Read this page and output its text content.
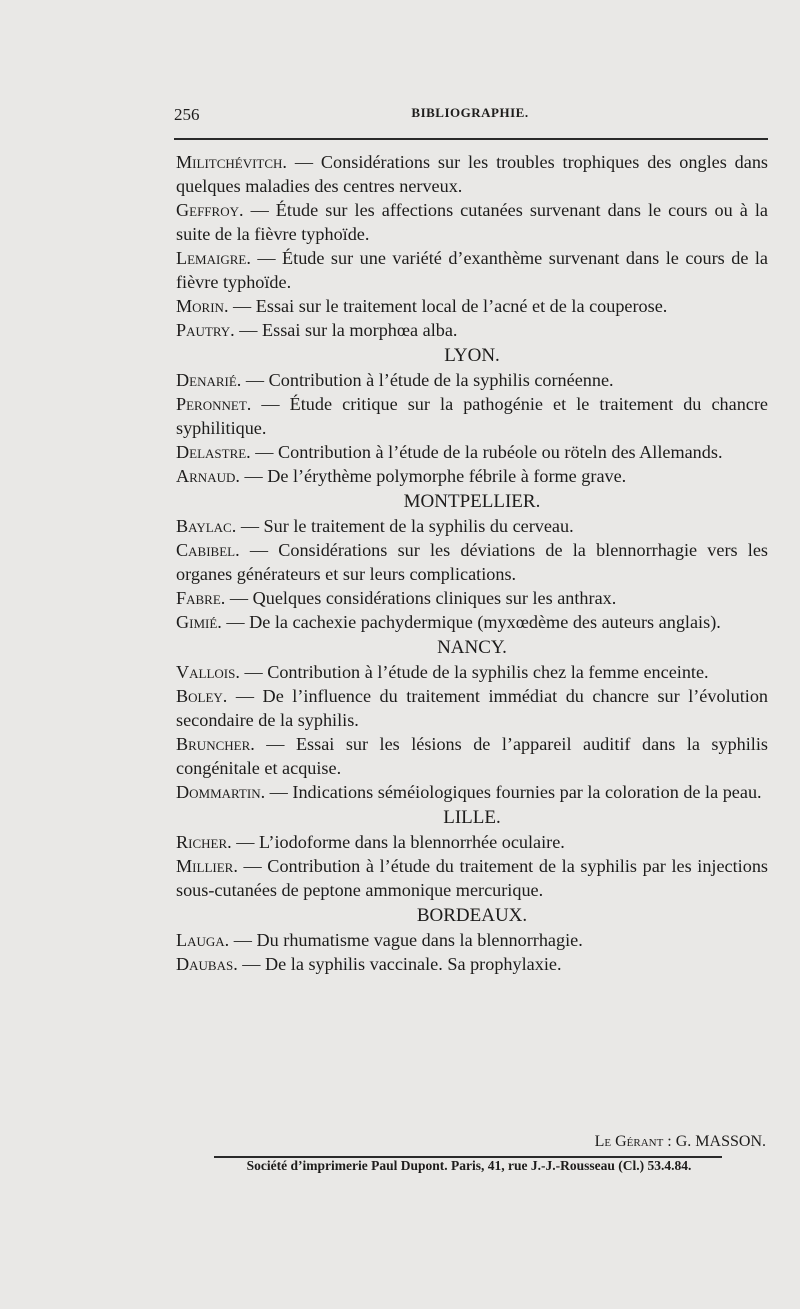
256	BIBLIOGRAPHIE.

Militchévitch. — Considérations sur les troubles trophiques des ongles dans quelques maladies des centres nerveux.

Geffroy. — Étude sur les affections cutanées survenant dans le cours ou à la suite de la fièvre typhoïde.

Lemaigre. — Étude sur une variété d’exanthème survenant dans le cours de la fièvre typhoïde.

Morin. — Essai sur le traitement local de l’acné et de la couperose.

Pautry. — Essai sur la morphœa alba.

LYON.

Denarié. — Contribution à l’étude de la syphilis cornéenne.

Peronnet. — Étude critique sur la pathogénie et le traitement du chancre syphilitique.

Delastre. — Contribution à l’étude de la rubéole ou röteln des Allemands.

Arnaud. — De l’érythème polymorphe fébrile à forme grave.

MONTPELLIER.

Baylac. — Sur le traitement de la syphilis du cerveau.

Cabibel. — Considérations sur les déviations de la blennorrhagie vers les organes générateurs et sur leurs complications.

Fabre. — Quelques considérations cliniques sur les anthrax.

Gimié. — De la cachexie pachydermique (myxœdème des auteurs anglais).

NANCY.

Vallois. — Contribution à l’étude de la syphilis chez la femme enceinte.

Boley. — De l’influence du traitement immédiat du chancre sur l’évolution secondaire de la syphilis.

Bruncher. — Essai sur les lésions de l’appareil auditif dans la syphilis congénitale et acquise.

Dommartin. — Indications séméiologiques fournies par la coloration de la peau.

LILLE.

Richer. — L’iodoforme dans la blennorrhée oculaire.

Millier. — Contribution à l’étude du traitement de la syphilis par les injections sous-cutanées de peptone ammonique mercurique.

BORDEAUX.

Lauga. — Du rhumatisme vague dans la blennorrhagie.

Daubas. — De la syphilis vaccinale. Sa prophylaxie.

Le Gérant : G. MASSON.
Société d’imprimerie Paul Dupont. Paris, 41, rue J.-J.-Rousseau (Cl.) 53.4.84.
